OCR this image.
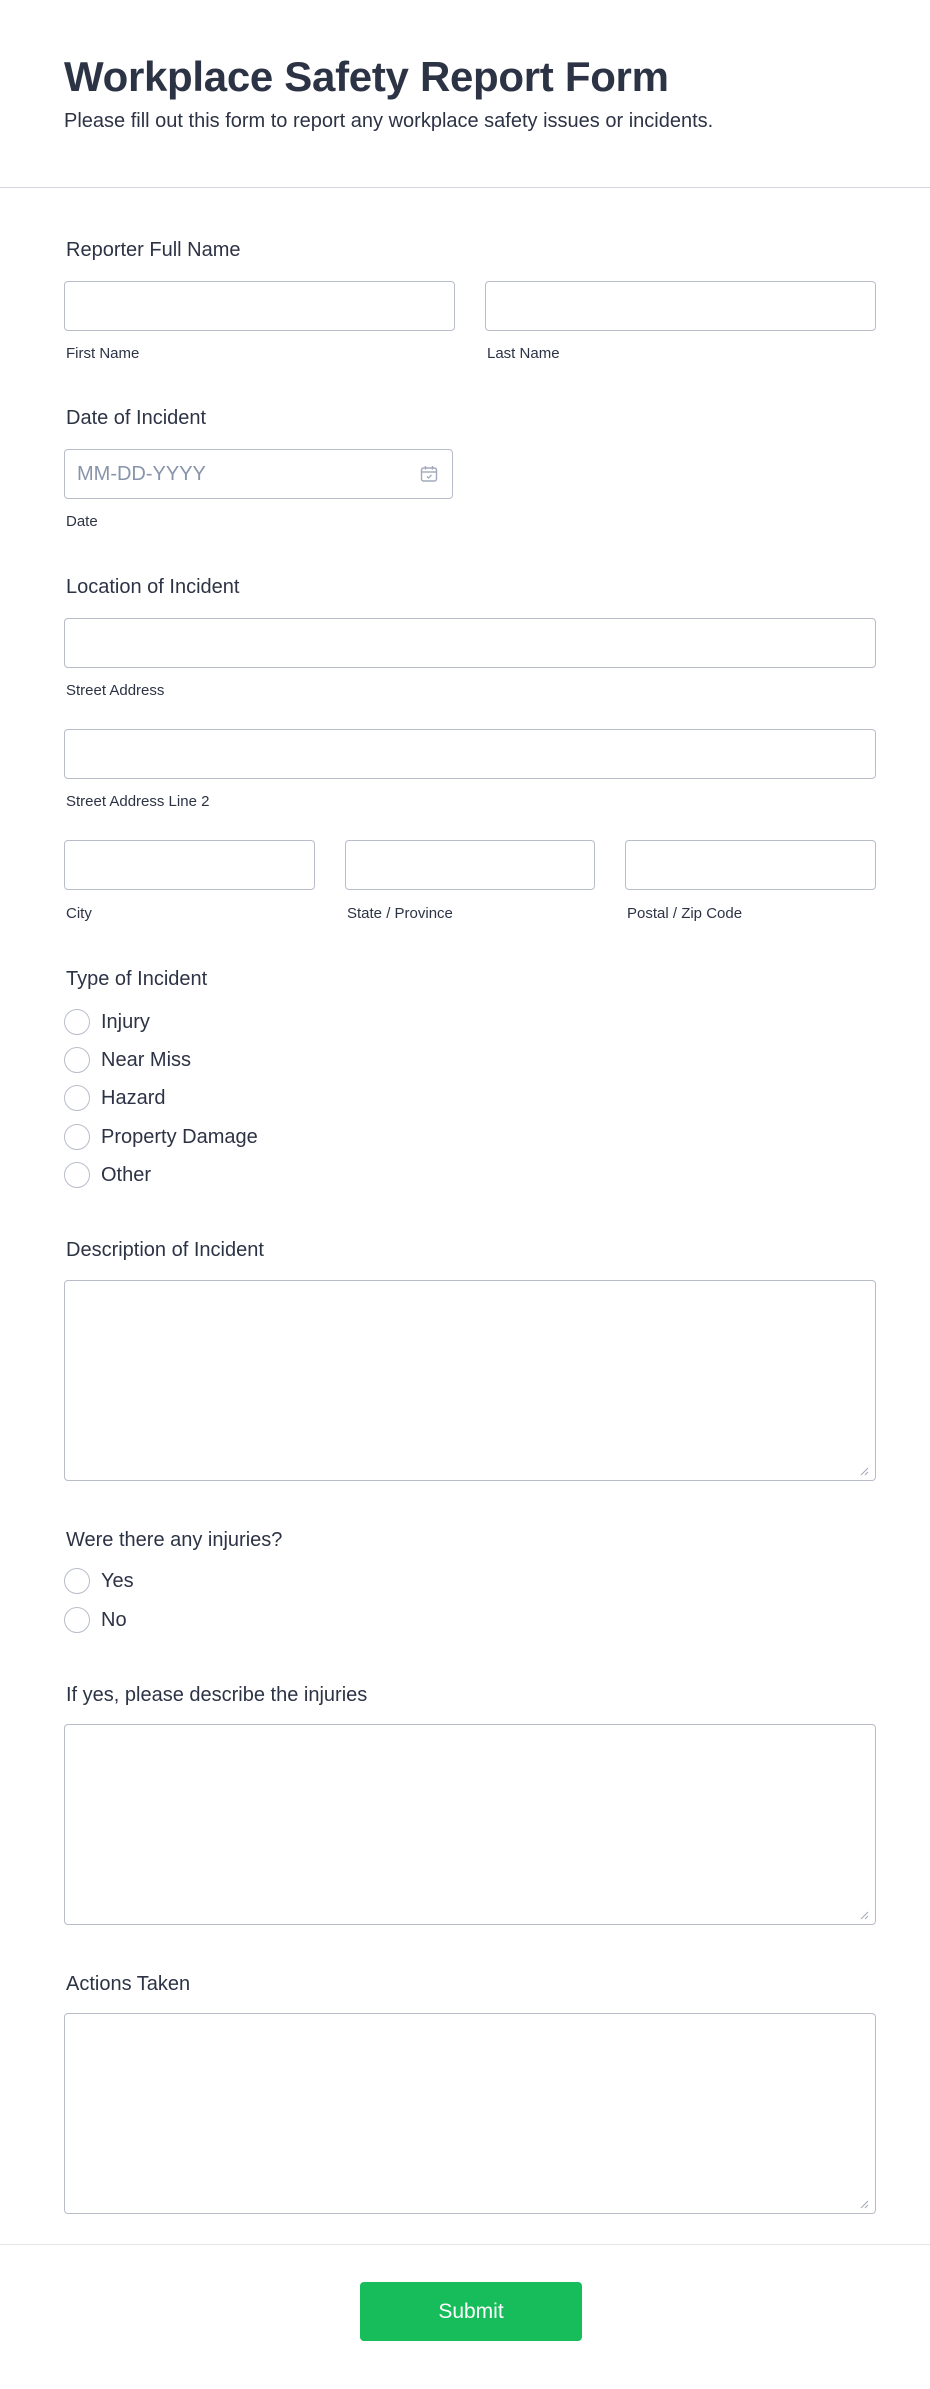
Workplace Safety Report Form

Please fill out this form to report any workplace safety issues or incidents.

Reporter Full Name
First Name	Last Name
Date of Incident
MM-DD-YYYY
Date
Location of Incident
Street Address
Street Address Line 2
City	State / Province	Postal / Zip Code
Type of Incident
Injury
Near Miss
Hazard
Property Damage
Other
Description of Incident
Were there any injuries?
Yes
No
If yes, please describe the injuries
Actions Taken
Submit
